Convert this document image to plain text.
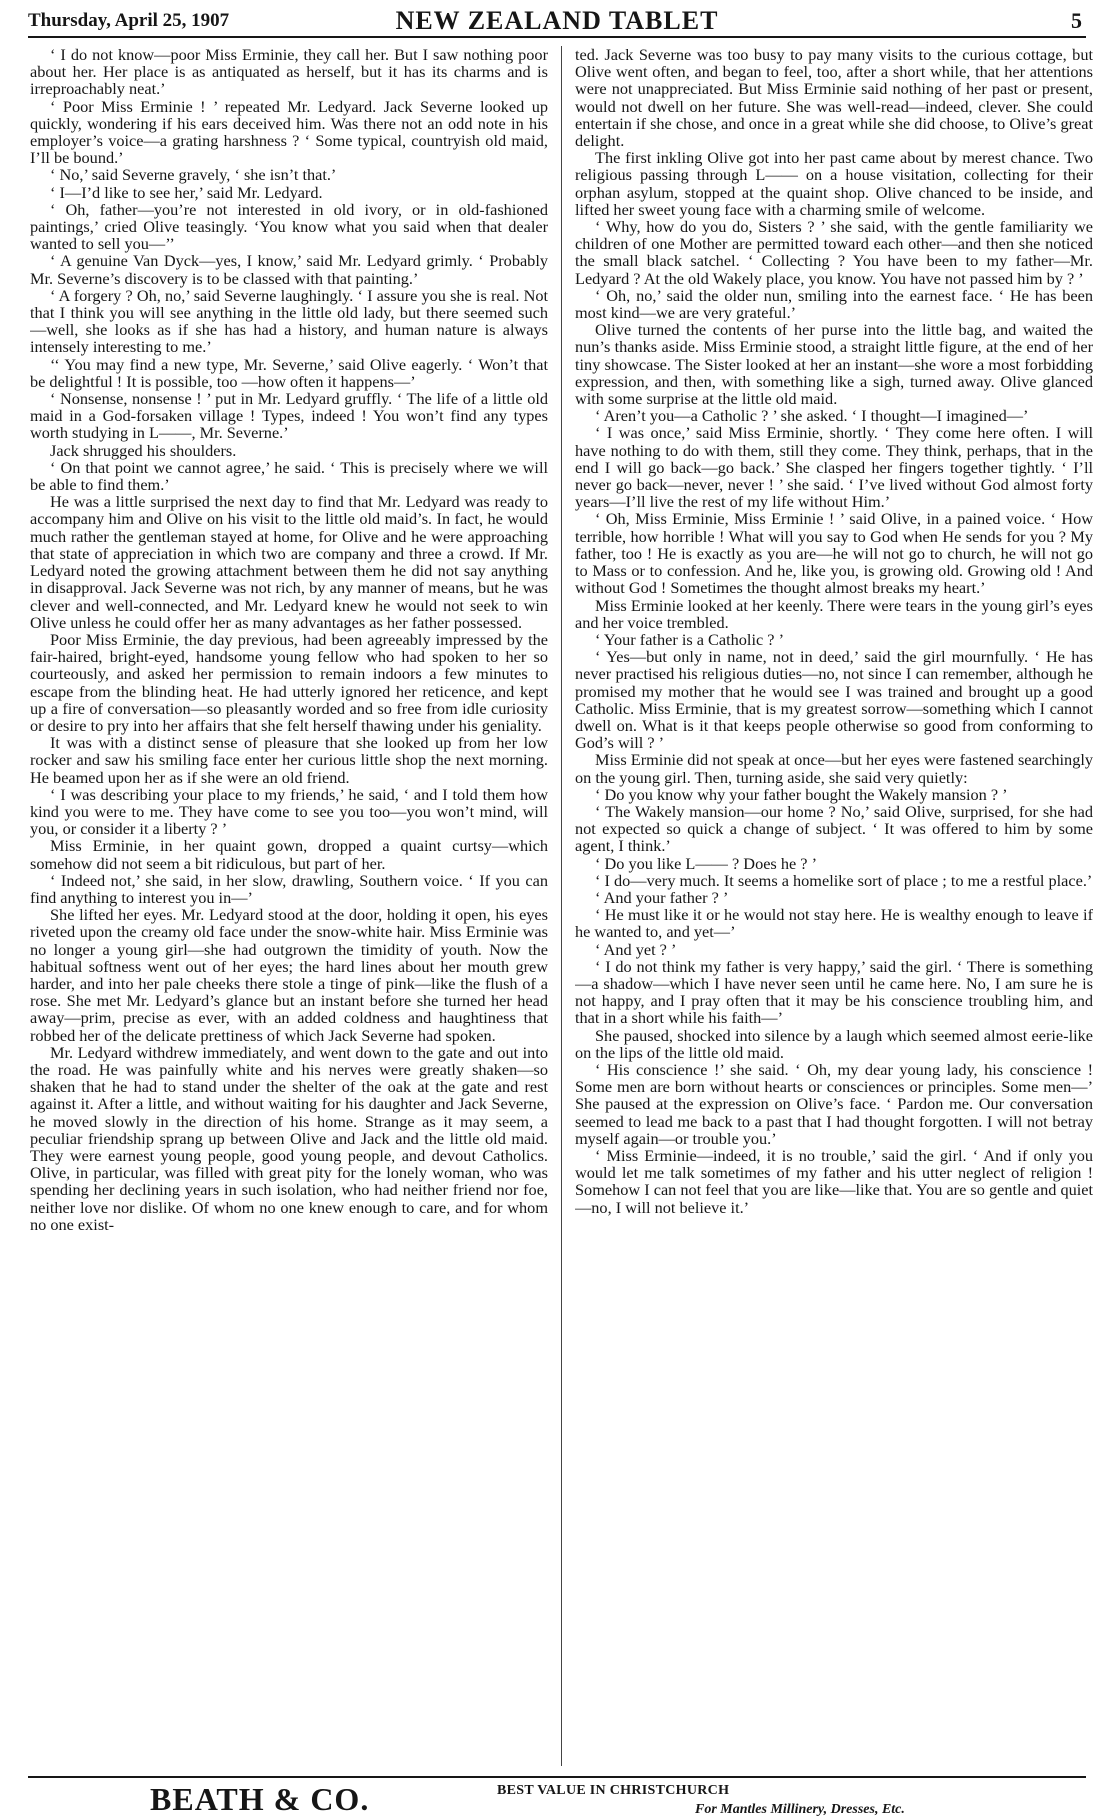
Thursday, April 25, 1907	NEW ZEALAND TABLET	5

‘ I do not know—poor Miss Erminie, they call her. But I saw nothing poor about her. Her place is as antiquated as herself, but it has its charms and is irreproachably neat.’

‘ Poor Miss Erminie ! ’ repeated Mr. Ledyard. Jack Severne looked up quickly, wondering if his ears deceived him. Was there not an odd note in his employer’s voice—a grating harshness ? ‘ Some typical, countryish old maid, I’ll be bound.’

‘ No,’ said Severne gravely, ‘ she isn’t that.’

‘ I—I’d like to see her,’ said Mr. Ledyard.

‘ Oh, father—you’re not interested in old ivory, or in old-fashioned paintings,’ cried Olive teasingly. ‘You know what you said when that dealer wanted to sell you—’’

‘ A genuine Van Dyck—yes, I know,’ said Mr. Ledyard grimly. ‘ Probably Mr. Severne’s discovery is to be classed with that painting.’

‘ A forgery ? Oh, no,’ said Severne laughingly. ‘ I assure you she is real. Not that I think you will see anything in the little old lady, but there seemed such —well, she looks as if she has had a history, and human nature is always intensely interesting to me.’

‘‘ You may find a new type, Mr. Severne,’ said Olive eagerly. ‘ Won’t that be delightful ! It is possible, too —how often it happens—’

‘ Nonsense, nonsense ! ’ put in Mr. Ledyard gruffly. ‘ The life of a little old maid in a God-forsaken village ! Types, indeed ! You won’t find any types worth studying in L——, Mr. Severne.’

Jack shrugged his shoulders.

‘ On that point we cannot agree,’ he said. ‘ This is precisely where we will be able to find them.’

He was a little surprised the next day to find that Mr. Ledyard was ready to accompany him and Olive on his visit to the little old maid’s. In fact, he would much rather the gentleman stayed at home, for Olive and he were approaching that state of appreciation in which two are company and three a crowd. If Mr. Ledyard noted the growing attachment between them he did not say anything in disapproval. Jack Severne was not rich, by any manner of means, but he was clever and well-connected, and Mr. Ledyard knew he would not seek to win Olive unless he could offer her as many advantages as her father possessed.

Poor Miss Erminie, the day previous, had been agreeably impressed by the fair-haired, bright-eyed, handsome young fellow who had spoken to her so courteously, and asked her permission to remain indoors a few minutes to escape from the blinding heat. He had utterly ignored her reticence, and kept up a fire of conversation—so pleasantly worded and so free from idle curiosity or desire to pry into her affairs that she felt herself thawing under his geniality.

It was with a distinct sense of pleasure that she looked up from her low rocker and saw his smiling face enter her curious little shop the next morning. He beamed upon her as if she were an old friend.

‘ I was describing your place to my friends,’ he said, ‘ and I told them how kind you were to me. They have come to see you too—you won’t mind, will you, or consider it a liberty ? ’

Miss Erminie, in her quaint gown, dropped a quaint curtsy—which somehow did not seem a bit ridiculous, but part of her.

‘ Indeed not,’ she said, in her slow, drawling, Southern voice. ‘ If you can find anything to interest you in—’

She lifted her eyes. Mr. Ledyard stood at the door, holding it open, his eyes riveted upon the creamy old face under the snow-white hair. Miss Erminie was no longer a young girl—she had outgrown the timidity of youth. Now the habitual softness went out of her eyes; the hard lines about her mouth grew harder, and into her pale cheeks there stole a tinge of pink—like the flush of a rose. She met Mr. Ledyard’s glance but an instant before she turned her head away—prim, precise as ever, with an added coldness and haughtiness that robbed her of the delicate prettiness of which Jack Severne had spoken.

Mr. Ledyard withdrew immediately, and went down to the gate and out into the road. He was painfully white and his nerves were greatly shaken—so shaken that he had to stand under the shelter of the oak at the gate and rest against it. After a little, and without waiting for his daughter and Jack Severne, he moved slowly in the direction of his home. Strange as it may seem, a peculiar friendship sprang up between Olive and Jack and the little old maid. They were earnest young people, good young people, and devout Catholics. Olive, in particular, was filled with great pity for the lonely woman, who was spending her declining years in such isolation, who had neither friend nor foe, neither love nor dislike. Of whom no one knew enough to care, and for whom no one exist-

ted. Jack Severne was too busy to pay many visits to the curious cottage, but Olive went often, and began to feel, too, after a short while, that her attentions were not unappreciated. But Miss Erminie said nothing of her past or present, would not dwell on her future. She was well-read—indeed, clever. She could entertain if she chose, and once in a great while she did choose, to Olive’s great delight.

The first inkling Olive got into her past came about by merest chance. Two religious passing through L—— on a house visitation, collecting for their orphan asylum, stopped at the quaint shop. Olive chanced to be inside, and lifted her sweet young face with a charming smile of welcome.

‘ Why, how do you do, Sisters ? ’ she said, with the gentle familiarity we children of one Mother are permitted toward each other—and then she noticed the small black satchel. ‘ Collecting ? You have been to my father—Mr. Ledyard ? At the old Wakely place, you know. You have not passed him by ? ’

‘ Oh, no,’ said the older nun, smiling into the earnest face. ‘ He has been most kind—we are very grateful.’

Olive turned the contents of her purse into the little bag, and waited the nun’s thanks aside. Miss Erminie stood, a straight little figure, at the end of her tiny showcase. The Sister looked at her an instant—she wore a most forbidding expression, and then, with something like a sigh, turned away. Olive glanced with some surprise at the little old maid.

‘ Aren’t you—a Catholic ? ’ she asked. ‘ I thought—I imagined—’

‘ I was once,’ said Miss Erminie, shortly. ‘ They come here often. I will have nothing to do with them, still they come. They think, perhaps, that in the end I will go back—go back.’ She clasped her fingers together tightly. ‘ I’ll never go back—never, never ! ’ she said. ‘ I’ve lived without God almost forty years—I’ll live the rest of my life without Him.’

‘ Oh, Miss Erminie, Miss Erminie ! ’ said Olive, in a pained voice. ‘ How terrible, how horrible ! What will you say to God when He sends for you ? My father, too ! He is exactly as you are—he will not go to church, he will not go to Mass or to confession. And he, like you, is growing old. Growing old ! And without God ! Sometimes the thought almost breaks my heart.’

Miss Erminie looked at her keenly. There were tears in the young girl’s eyes and her voice trembled.

‘ Your father is a Catholic ? ’

‘ Yes—but only in name, not in deed,’ said the girl mournfully. ‘ He has never practised his religious duties—no, not since I can remember, although he promised my mother that he would see I was trained and brought up a good Catholic. Miss Erminie, that is my greatest sorrow—something which I cannot dwell on. What is it that keeps people otherwise so good from conforming to God’s will ? ’

Miss Erminie did not speak at once—but her eyes were fastened searchingly on the young girl. Then, turning aside, she said very quietly:

‘ Do you know why your father bought the Wakely mansion ? ’

‘ The Wakely mansion—our home ? No,’ said Olive, surprised, for she had not expected so quick a change of subject. ‘ It was offered to him by some agent, I think.’

‘ Do you like L—— ? Does he ? ’

‘ I do—very much. It seems a homelike sort of place ; to me a restful place.’

‘ And your father ? ’

‘ He must like it or he would not stay here. He is wealthy enough to leave if he wanted to, and yet—’

‘ And yet ? ’

‘ I do not think my father is very happy,’ said the girl. ‘ There is something—a shadow—which I have never seen until he came here. No, I am sure he is not happy, and I pray often that it may be his conscience troubling him, and that in a short while his faith—’

She paused, shocked into silence by a laugh which seemed almost eerie-like on the lips of the little old maid.

‘ His conscience !’ she said. ‘ Oh, my dear young lady, his conscience ! Some men are born without hearts or consciences or principles. Some men—’ She paused at the expression on Olive’s face. ‘ Pardon me. Our conversation seemed to lead me back to a past that I had thought forgotten. I will not betray myself again—or trouble you.’

‘ Miss Erminie—indeed, it is no trouble,’ said the girl. ‘ And if only you would let me talk sometimes of my father and his utter neglect of religion ! Somehow I can not feel that you are like—like that. You are so gentle and quiet—no, I will not believe it.’

BEATH & CO.	BEST VALUE IN CHRISTCHURCH
For Mantles Millinery, Dresses, Etc.
